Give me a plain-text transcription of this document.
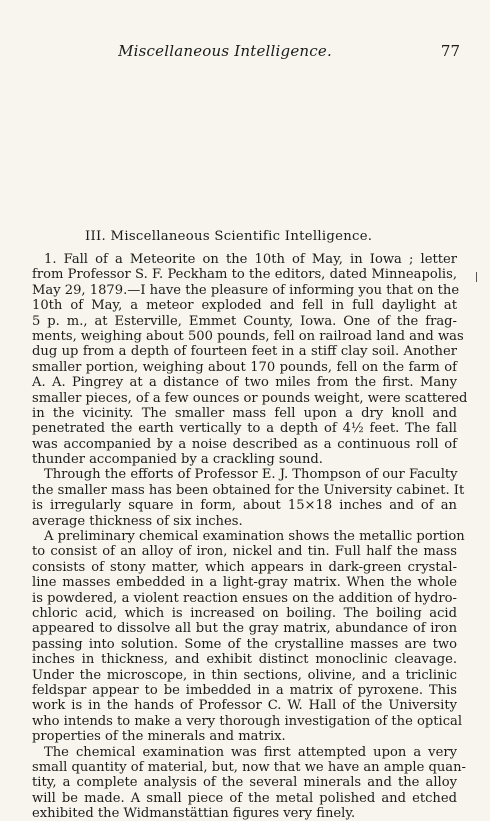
Miscellaneous Intelligence.	77
III. Miscellaneous Scientific Intelligence.
1. Fall of a Meteorite on the 10th of May, in Iowa ; letter
from Professor S. F. Peckham to the editors, dated Minneapolis,
May 29, 1879.—I have the pleasure of informing you that on the
10th of May, a meteor exploded and fell in full daylight at
5 p. m., at Esterville, Emmet County, Iowa. One of the frag-
ments, weighing about 500 pounds, fell on railroad land and was
dug up from a depth of fourteen feet in a stiff clay soil. Another
smaller portion, weighing about 170 pounds, fell on the farm of
A. A. Pingrey at a distance of two miles from the first. Many
smaller pieces, of a few ounces or pounds weight, were scattered
in the vicinity. The smaller mass fell upon a dry knoll and
penetrated the earth vertically to a depth of 4½ feet. The fall
was accompanied by a noise described as a continuous roll of
thunder accompanied by a crackling sound.
Through the efforts of Professor E. J. Thompson of our Faculty
the smaller mass has been obtained for the University cabinet. It
is irregularly square in form, about 15×18 inches and of an
average thickness of six inches.
A preliminary chemical examination shows the metallic portion
to consist of an alloy of iron, nickel and tin. Full half the mass
consists of stony matter, which appears in dark-green crystal-
line masses embedded in a light-gray matrix. When the whole
is powdered, a violent reaction ensues on the addition of hydro-
chloric acid, which is increased on boiling. The boiling acid
appeared to dissolve all but the gray matrix, abundance of iron
passing into solution. Some of the crystalline masses are two
inches in thickness, and exhibit distinct monoclinic cleavage.
Under the microscope, in thin sections, olivine, and a triclinic
feldspar appear to be imbedded in a matrix of pyroxene. This
work is in the hands of Professor C. W. Hall of the University
who intends to make a very thorough investigation of the optical
properties of the minerals and matrix.
The chemical examination was first attempted upon a very
small quantity of material, but, now that we have an ample quan-
tity, a complete analysis of the several minerals and the alloy
will be made. A small piece of the metal polished and etched
exhibited the Widmanstättian figures very finely.
